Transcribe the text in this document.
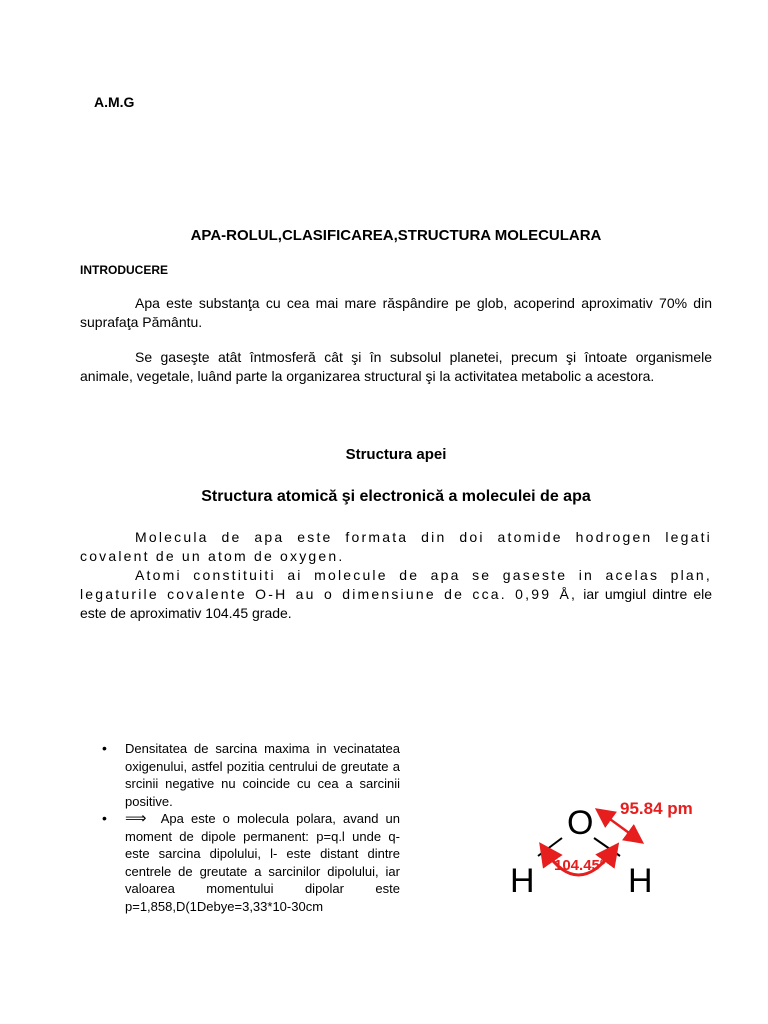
A.M.G
APA-ROLUL,CLASIFICAREA,STRUCTURA MOLECULARA
INTRODUCERE
Apa este substanţa cu cea mai mare răspândire pe glob, acoperind aproximativ 70% din suprafaţa Pământu.
Se gaseşte atât întmosferă cât şi în subsolul planetei, precum şi întoate organismele animale, vegetale, luând parte la organizarea structural şi la activitatea metabolic a acestora.
Structura apei
Structura atomică şi electronică a moleculei de apa
Molecula de apa este formata din doi atomide hodrogen legati
covalent de un atom de oxygen.
Atomi constituiti ai molecule de apa se gaseste in acelas plan,
legaturile covalente O-H au o dimensiune de cca. 0,99 Å, iar umgiul dintre ele
este de aproximativ 104.45 grade.
• Densitatea de sarcina maxima in vecinatatea oxigenului, astfel pozitia centrului de greutate a srcinii negative nu coincide cu cea a sarcinii positive.
• ⟹ Apa este o molecula polara, avand un moment de dipole permanent: p=q.l unde q- este sarcina dipolului, l- este distant dintre centrele de greutate a sarcinilor dipolului, iar valoarea momentului dipolar este p=1,858,D(1Debye=3,33*10-30cm
O
H	H
104.45º
95.84 pm
